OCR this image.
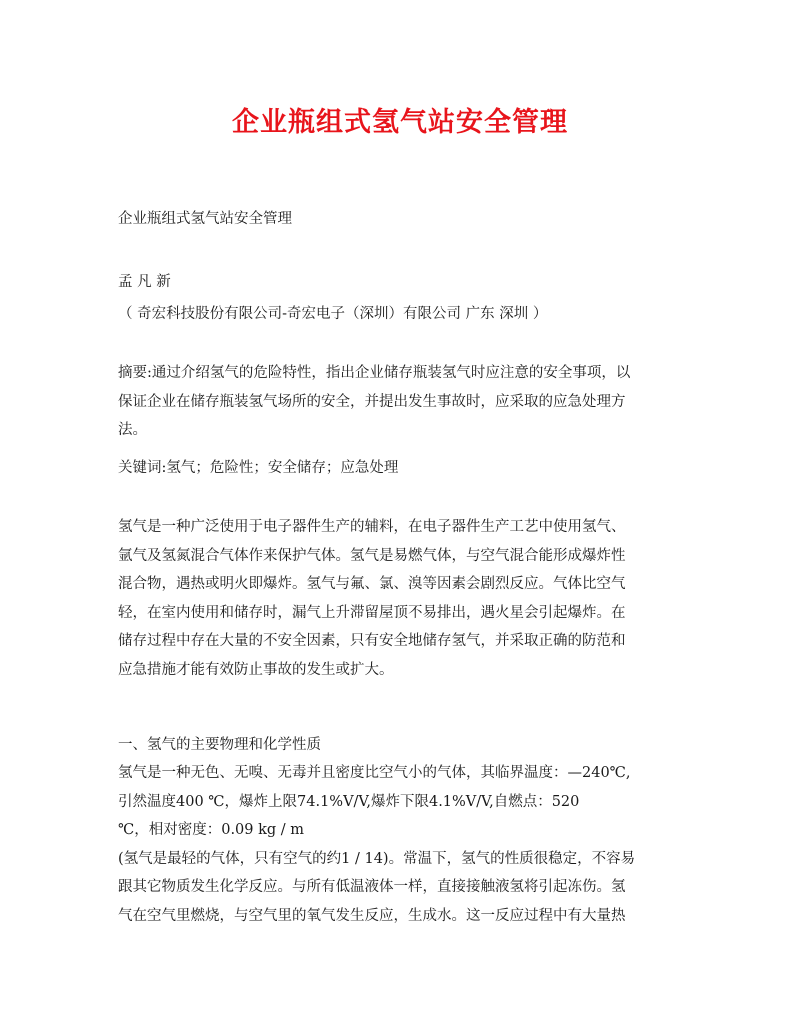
企业瓶组式氢气站安全管理
企业瓶组式氢气站安全管理
孟 凡 新
（ 奇宏科技股份有限公司-奇宏电子（深圳）有限公司 广东 深圳 ）
摘要:通过介绍氢气的危险特性，指出企业储存瓶装氢气时应注意的安全事项，以
保证企业在储存瓶装氢气场所的安全，并提出发生事故时，应采取的应急处理方
法。
关键词:氢气；危险性；安全储存；应急处理
氢气是一种广泛使用于电子器件生产的辅料，在电子器件生产工艺中使用氢气、
氩气及氢氮混合气体作来保护气体。氢气是易燃气体，与空气混合能形成爆炸性
混合物，遇热或明火即爆炸。氢气与氟、氯、溴等因素会剧烈反应。气体比空气
轻，在室内使用和储存时，漏气上升滞留屋顶不易排出，遇火星会引起爆炸。在
储存过程中存在大量的不安全因素，只有安全地储存氢气，并采取正确的防范和
应急措施才能有效防止事故的发生或扩大。
一、氢气的主要物理和化学性质
氢气是一种无色、无嗅、无毒并且密度比空气小的气体，其临界温度：—240℃,
引然温度400 ℃，爆炸上限74.1%V/V,爆炸下限4.1%V/V,自燃点：520
℃，相对密度：0.09 kg / m
(氢气是最轻的气体，只有空气的约1 / 14)。常温下，氢气的性质很稳定，不容易
跟其它物质发生化学反应。与所有低温液体一样，直接接触液氢将引起冻伤。氢
气在空气里燃烧，与空气里的氧气发生反应，生成水。这一反应过程中有大量热
